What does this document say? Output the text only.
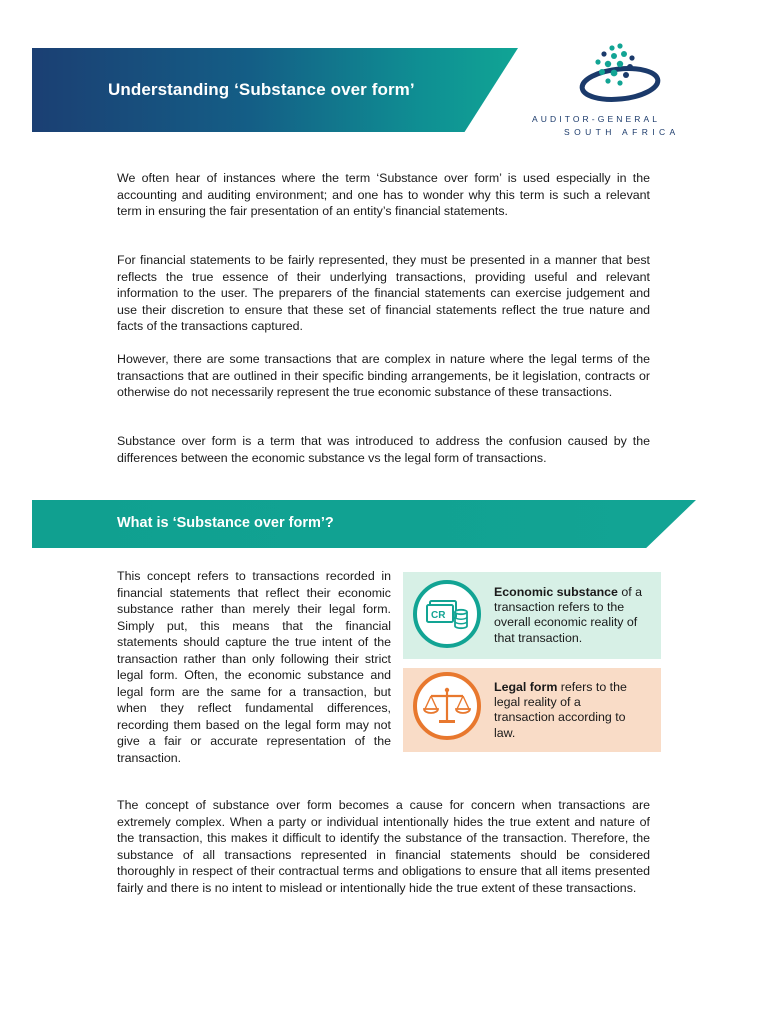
Understanding ‘Substance over form’
AUDITOR-GENERAL
SOUTH AFRICA

We often hear of instances where the term ‘Substance over form’ is used especially in the accounting and auditing environment; and one has to wonder why this term is such a relevant term in ensuring the fair presentation of an entity’s financial statements.

For financial statements to be fairly represented, they must be presented in a manner that best reflects the true essence of their underlying transactions, providing useful and relevant information to the user. The preparers of the financial statements can exercise judgement and use their discretion to ensure that these set of financial statements reflect the true nature and facts of the transactions captured.

However, there are some transactions that are complex in nature where the legal terms of the transactions that are outlined in their specific binding arrangements, be it legislation, contracts or otherwise do not necessarily represent the true economic substance of these transactions.

Substance over form is a term that was introduced to address the confusion caused by the differences between the economic substance vs the legal form of transactions.

What is ‘Substance over form’?

This concept refers to transactions recorded in financial statements that reflect their economic substance rather than merely their legal form. Simply put, this means that the financial statements should capture the true intent of the transaction rather than only following their strict legal form. Often, the economic substance and legal form are the same for a transaction, but when they reflect fundamental differences, recording them based on the legal form may not give a fair or accurate representation of the transaction.

CR
Economic substance of a transaction refers to the overall economic reality of that transaction.
Legal form refers to the legal reality of a transaction according to law.

The concept of substance over form becomes a cause for concern when transactions are extremely complex. When a party or individual intentionally hides the true extent and nature of the transaction, this makes it difficult to identify the substance of the transaction. Therefore, the substance of all transactions represented in financial statements should be considered thoroughly in respect of their contractual terms and obligations to ensure that all items presented fairly and there is no intent to mislead or intentionally hide the true extent of these transactions.
